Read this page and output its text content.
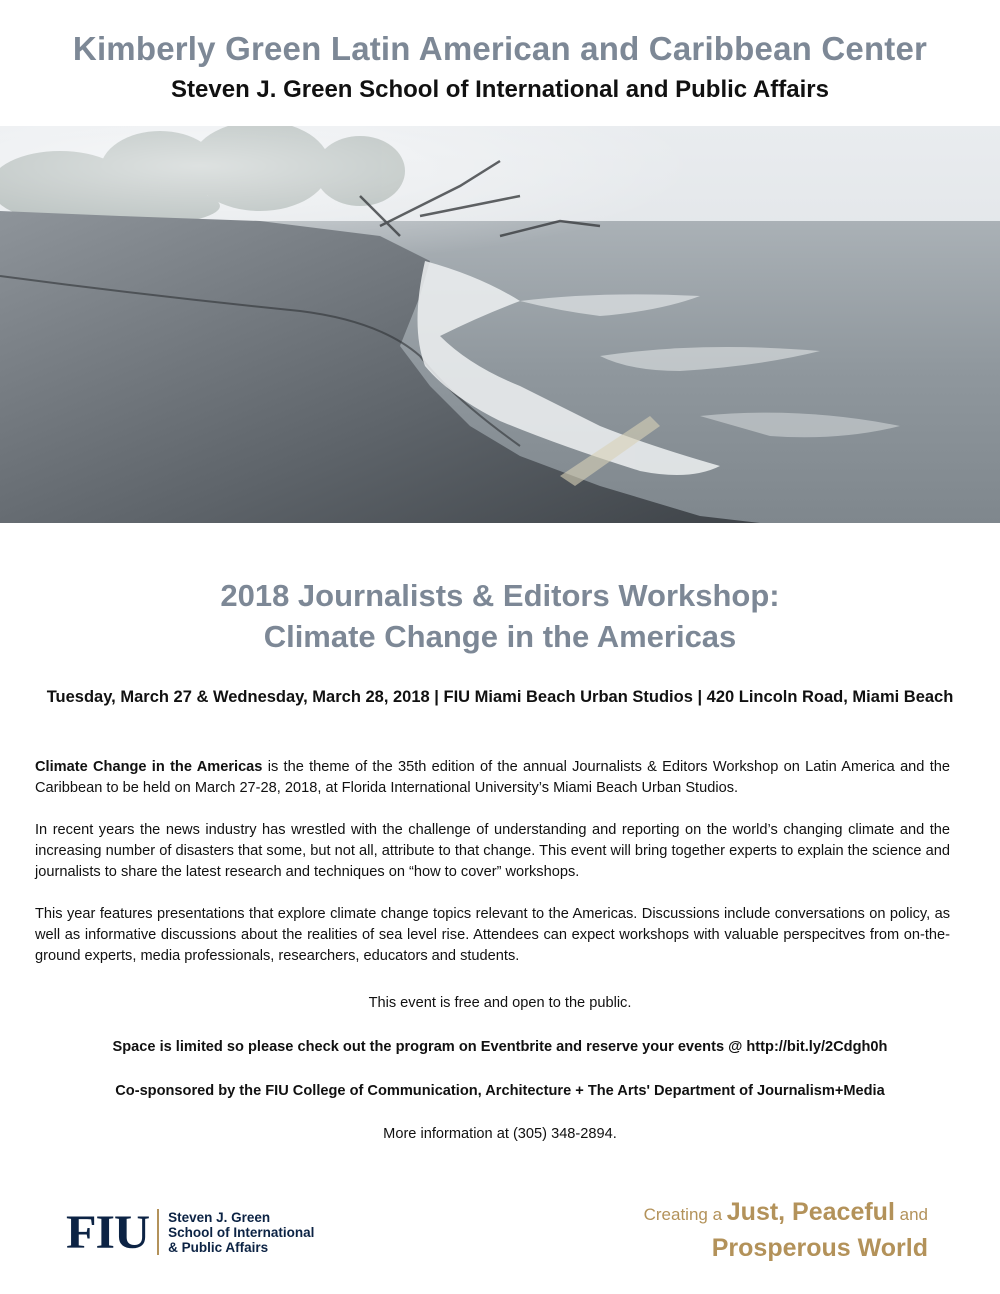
Kimberly Green Latin American and Caribbean Center
Steven J. Green School of International and Public Affairs
2018 Journalists & Editors Workshop:
Climate Change in the Americas
Tuesday, March 27 & Wednesday, March 28, 2018 | FIU Miami Beach Urban Studios | 420 Lincoln Road, Miami Beach

Climate Change in the Americas is the theme of the 35th edition of the annual Journalists & Editors Workshop on Latin America and the Caribbean to be held on March 27-28, 2018, at Florida International University’s Miami Beach Urban Studios.

In recent years the news industry has wrestled with the challenge of understanding and reporting on the world’s changing climate and the increasing number of disasters that some, but not all, attribute to that change. This event will bring together experts to explain the science and journalists to share the latest research and techniques on “how to cover” workshops.

This year features presentations that explore climate change topics relevant to the Americas. Discussions include conversations on policy, as well as informative discussions about the realities of sea level rise. Attendees can expect workshops with valuable perspecitves from on-the-ground experts, media professionals, researchers, educators and students.

This event is free and open to the public.
Space is limited so please check out the program on Eventbrite and reserve your events @ http://bit.ly/2Cdgh0h
Co-sponsored by the FIU College of Communication, Architecture + The Arts' Department of Journalism+Media
More information at (305) 348-2894.
FIU Steven J. Green
School of International
& Public Affairs
Creating a Just, Peaceful and
Prosperous World
